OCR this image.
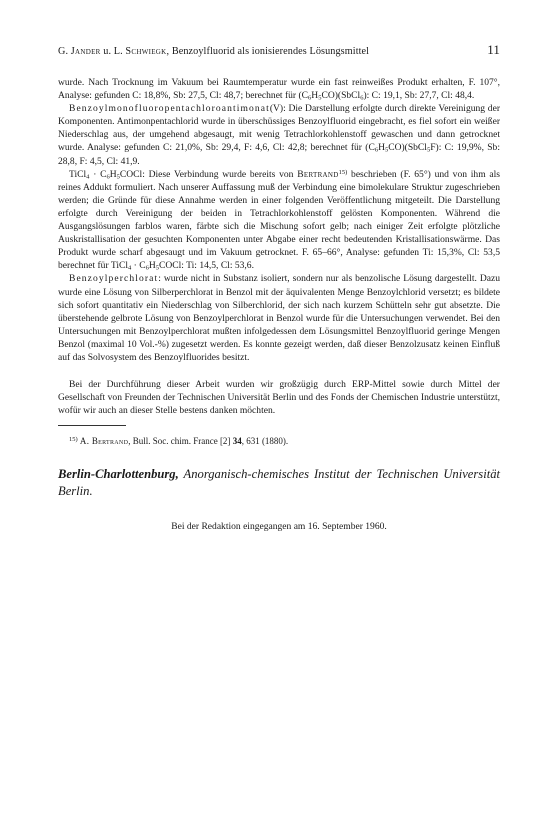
G. Jander u. L. Schwiegk, Benzoylfluorid als ionisierendes Lösungsmittel	11

wurde. Nach Trocknung im Vakuum bei Raumtemperatur wurde ein fast reinweißes Produkt erhalten, F. 107°, Analyse: gefunden C: 18,8%, Sb: 27,5, Cl: 48,7; berechnet für $(C_6H_5CO)(SbCl_6)$: C: 19,1, Sb: 27,7, Cl: 48,4.

Benzoylmonofluoropentachloroantimonat(V): Die Darstellung erfolgte durch direkte Vereinigung der Komponenten. Antimonpentachlorid wurde in überschüssiges Benzoylfluorid eingebracht, es fiel sofort ein weißer Niederschlag aus, der umgehend abgesaugt, mit wenig Tetrachlorkohlenstoff gewaschen und dann getrocknet wurde. Analyse: gefunden C: 21,0%, Sb: 29,4, F: 4,6, Cl: 42,8; berechnet für $(C_6H_5CO)(SbCl_5F)$: C: 19,9%, Sb: 28,8, F: 4,5, Cl: 41,9.

TiCl$_4$ · $C_6H_5COCl$: Diese Verbindung wurde bereits von Bertrand$^{15)}$ beschrieben (F. 65°) und von ihm als reines Addukt formuliert. Nach unserer Auffassung muß der Verbindung eine bimolekulare Struktur zugeschrieben werden; die Gründe für diese Annahme werden in einer folgenden Veröffentlichung mitgeteilt. Die Darstellung erfolgte durch Vereinigung der beiden in Tetrachlorkohlenstoff gelösten Komponenten. Während die Ausgangslösungen farblos waren, färbte sich die Mischung sofort gelb; nach einiger Zeit erfolgte plötzliche Auskristallisation der gesuchten Komponenten unter Abgabe einer recht bedeutenden Kristallisationswärme. Das Produkt wurde scharf abgesaugt und im Vakuum getrocknet. F. 65–66°, Analyse: gefunden Ti: 15,3%, Cl: 53,5 berechnet für TiCl$_4$ · $C_6H_5COCl$: Ti: 14,5, Cl: 53,6.

Benzoylperchlorat: wurde nicht in Substanz isoliert, sondern nur als benzolische Lösung dargestellt. Dazu wurde eine Lösung von Silberperchlorat in Benzol mit der äquivalenten Menge Benzoylchlorid versetzt; es bildete sich sofort quantitativ ein Niederschlag von Silberchlorid, der sich nach kurzem Schütteln sehr gut absetzte. Die überstehende gelbrote Lösung von Benzoylperchlorat in Benzol wurde für die Untersuchungen verwendet. Bei den Untersuchungen mit Benzoylperchlorat mußten infolgedessen dem Lösungsmittel Benzoylfluorid geringe Mengen Benzol (maximal 10 Vol.-%) zugesetzt werden. Es konnte gezeigt werden, daß dieser Benzolzusatz keinen Einfluß auf das Solvosystem des Benzoylfluorides besitzt.

Bei der Durchführung dieser Arbeit wurden wir großzügig durch ERP-Mittel sowie durch Mittel der Gesellschaft von Freunden der Technischen Universität Berlin und des Fonds der Chemischen Industrie unterstützt, wofür wir auch an dieser Stelle bestens danken möchten.

$^{15)}$ A. Bertrand, Bull. Soc. chim. France [2] 34, 631 (1880).

Berlin-Charlottenburg, Anorganisch-chemisches Institut der Technischen Universität Berlin.
Bei der Redaktion eingegangen am 16. September 1960.
